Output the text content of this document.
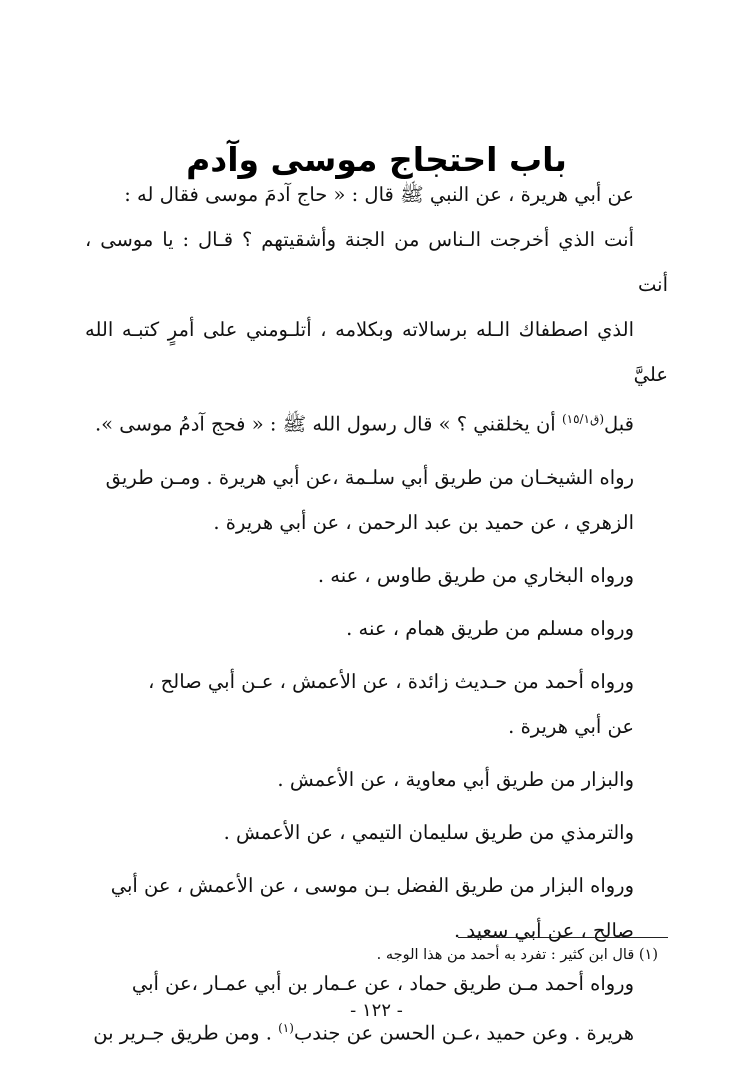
باب احتجاج موسى وآدم

عن أبي هريرة ، عن النبي ﷺ قال : « حاج آدمَ موسى فقال له :
أنت الذي أخرجت الـناس من الجنة وأشقيتهم ؟ قـال : يا موسى ، أنت
الذي اصطفاك الـله برسالاته وبكلامه ، أتلـومني على أمرٍ كتبـه الله عليَّ
قبل$^{(ق١٥/١)}$ أن يخلقني ؟ » قال رسول الله ﷺ : « فحج آدمُ موسى ».

رواه الشيخـان من طريق أبي سلـمة ،عن أبي هريرة . ومـن طريق
الزهري ، عن حميد بن عبد الرحمن ، عن أبي هريرة .

ورواه البخاري من طريق طاوس ، عنه .

ورواه مسلم من طريق همام ، عنه .

ورواه أحمد من حـديث زائدة ، عن الأعمش ، عـن أبي صالح ،
عن أبي هريرة .

والبزار من طريق أبي معاوية ، عن الأعمش .

والترمذي من طريق سليمان التيمي ، عن الأعمش .

ورواه البزار من طريق الفضل بـن موسى ، عن الأعمش ، عن أبي
صالح ، عن أبي سعيد .

ورواه أحمد مـن طريق حماد ، عن عـمار بن أبي عمـار ،عن أبي
هريرة . وعن حميد ،عـن الحسن عن جندب$^{(١)}$ . ومن طريق جـرير بن

(١) قال ابن كثير : تفرد به أحمد من هذا الوجه .
- ١٢٢ -
